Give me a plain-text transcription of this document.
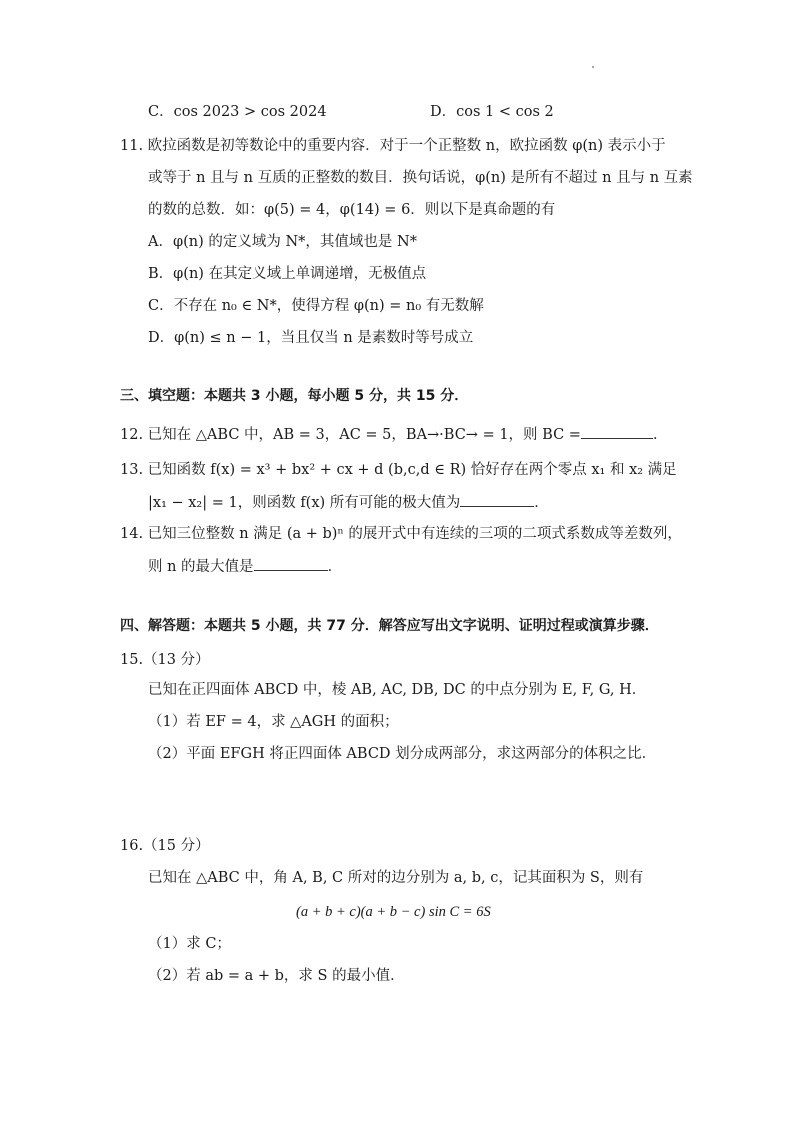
C．cos 2023 > cos 2024	D．cos 1 < cos 2
11. 欧拉函数是初等数论中的重要内容．对于一个正整数 n，欧拉函数 φ(n) 表示小于
或等于 n 且与 n 互质的正整数的数目．换句话说，φ(n) 是所有不超过 n 且与 n 互素
的数的总数．如：φ(5) = 4，φ(14) = 6．则以下是真命题的有
A．φ(n) 的定义域为 N*，其值域也是 N*
B．φ(n) 在其定义域上单调递增，无极值点
C．不存在 n₀ ∈ N*，使得方程 φ(n) = n₀ 有无数解
D．φ(n) ≤ n − 1，当且仅当 n 是素数时等号成立
三、填空题：本题共 3 小题，每小题 5 分，共 15 分．
12. 已知在 △ABC 中，AB = 3，AC = 5，BA→·BC→ = 1，则 BC =	．
13. 已知函数 f(x) = x³ + bx² + cx + d (b,c,d ∈ R) 恰好存在两个零点 x₁ 和 x₂ 满足
|x₁ − x₂| = 1，则函数 f(x) 所有可能的极大值为	．
14. 已知三位整数 n 满足 (a + b)ⁿ 的展开式中有连续的三项的二项式系数成等差数列，
则 n 的最大值是	．
四、解答题：本题共 5 小题，共 77 分．解答应写出文字说明、证明过程或演算步骤．
15.（13 分）
已知在正四面体 ABCD 中，棱 AB, AC, DB, DC 的中点分别为 E, F, G, H．
（1）若 EF = 4，求 △AGH 的面积；
（2）平面 EFGH 将正四面体 ABCD 划分成两部分，求这两部分的体积之比．
16.（15 分）
已知在 △ABC 中，角 A, B, C 所对的边分别为 a, b, c，记其面积为 S，则有
(a + b + c)(a + b − c) sin C = 6S
（1）求 C；
（2）若 ab = a + b，求 S 的最小值．
